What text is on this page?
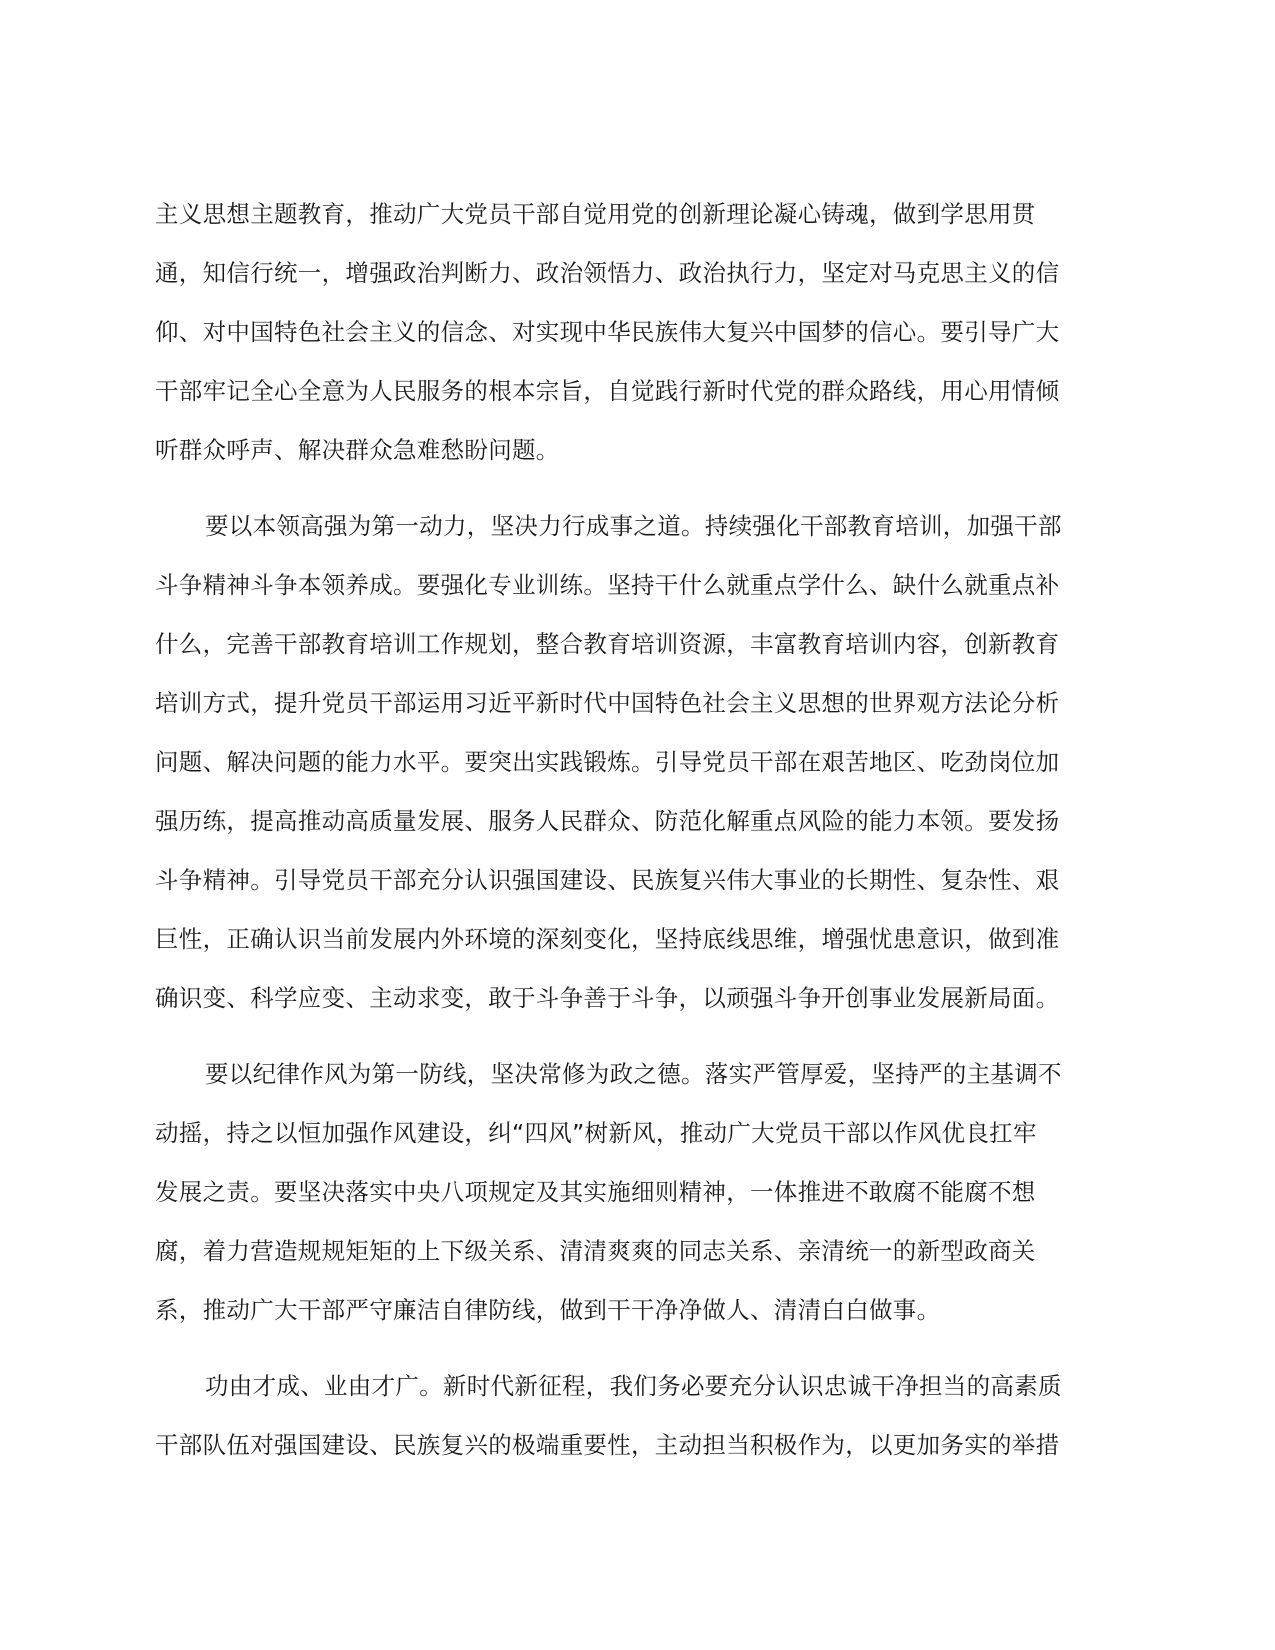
主义思想主题教育，推动广大党员干部自觉用党的创新理论凝心铸魂，做到学思用贯
通，知信行统一，增强政治判断力、政治领悟力、政治执行力，坚定对马克思主义的信
仰、对中国特色社会主义的信念、对实现中华民族伟大复兴中国梦的信心。要引导广大
干部牢记全心全意为人民服务的根本宗旨，自觉践行新时代党的群众路线，用心用情倾
听群众呼声、解决群众急难愁盼问题。
要以本领高强为第一动力，坚决力行成事之道。持续强化干部教育培训，加强干部
斗争精神斗争本领养成。要强化专业训练。坚持干什么就重点学什么、缺什么就重点补
什么，完善干部教育培训工作规划，整合教育培训资源，丰富教育培训内容，创新教育
培训方式，提升党员干部运用习近平新时代中国特色社会主义思想的世界观方法论分析
问题、解决问题的能力水平。要突出实践锻炼。引导党员干部在艰苦地区、吃劲岗位加
强历练，提高推动高质量发展、服务人民群众、防范化解重点风险的能力本领。要发扬
斗争精神。引导党员干部充分认识强国建设、民族复兴伟大事业的长期性、复杂性、艰
巨性，正确认识当前发展内外环境的深刻变化，坚持底线思维，增强忧患意识，做到准
确识变、科学应变、主动求变，敢于斗争善于斗争，以顽强斗争开创事业发展新局面。
要以纪律作风为第一防线，坚决常修为政之德。落实严管厚爱，坚持严的主基调不
动摇，持之以恒加强作风建设，纠“四风”树新风，推动广大党员干部以作风优良扛牢
发展之责。要坚决落实中央八项规定及其实施细则精神，一体推进不敢腐不能腐不想
腐，着力营造规规矩矩的上下级关系、清清爽爽的同志关系、亲清统一的新型政商关
系，推动广大干部严守廉洁自律防线，做到干干净净做人、清清白白做事。
功由才成、业由才广。新时代新征程，我们务必要充分认识忠诚干净担当的高素质
干部队伍对强国建设、民族复兴的极端重要性，主动担当积极作为，以更加务实的举措
